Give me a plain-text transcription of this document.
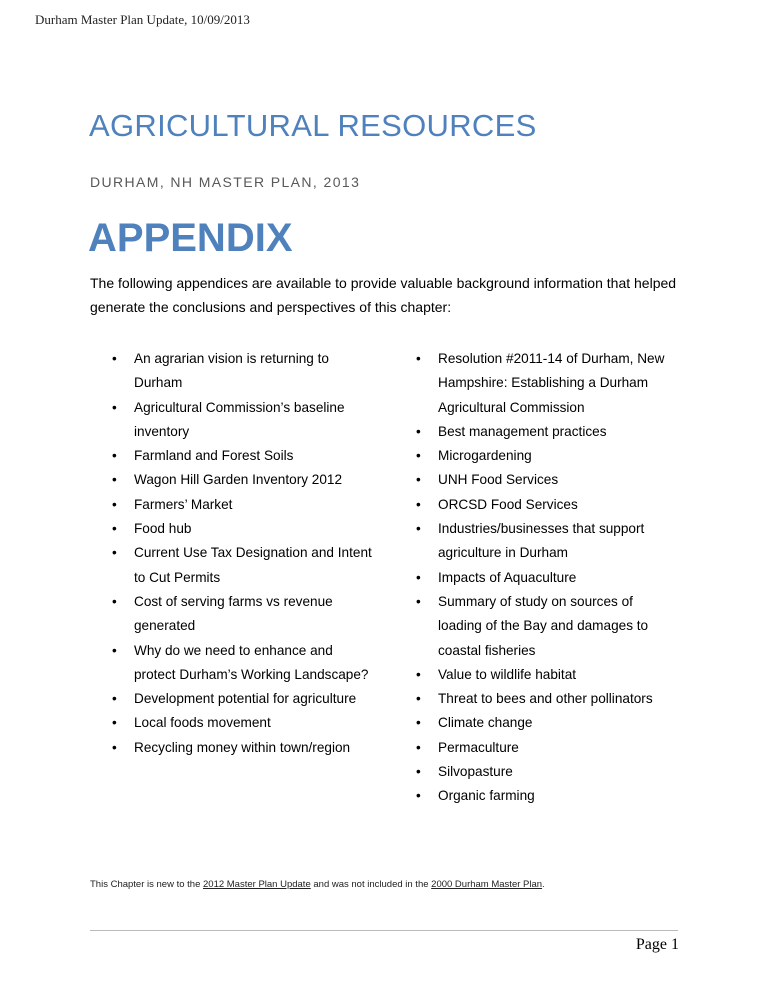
Durham Master Plan Update, 10/09/2013
AGRICULTURAL RESOURCES
DURHAM, NH MASTER PLAN, 2013
APPENDIX
The following appendices are available to provide valuable background information that helped generate the conclusions and perspectives of this chapter:
• An agrarian vision is returning to Durham
• Agricultural Commission’s baseline inventory
• Farmland and Forest Soils
• Wagon Hill Garden Inventory 2012
• Farmers’ Market
• Food hub
• Current Use Tax Designation and Intent to Cut Permits
• Cost of serving farms vs revenue generated
• Why do we need to enhance and protect Durham’s Working Landscape?
• Development potential for agriculture
• Local foods movement
• Recycling money within town/region
• Resolution #2011-14 of Durham, New Hampshire: Establishing a Durham Agricultural Commission
• Best management practices
• Microgardening
• UNH Food Services
• ORCSD Food Services
• Industries/businesses that support agriculture in Durham
• Impacts of Aquaculture
• Summary of study on sources of loading of the Bay and damages to coastal fisheries
• Value to wildlife habitat
• Threat to bees and other pollinators
• Climate change
• Permaculture
• Silvopasture
• Organic farming
This Chapter is new to the 2012 Master Plan Update and was not included in the 2000 Durham Master Plan.
Page 1
